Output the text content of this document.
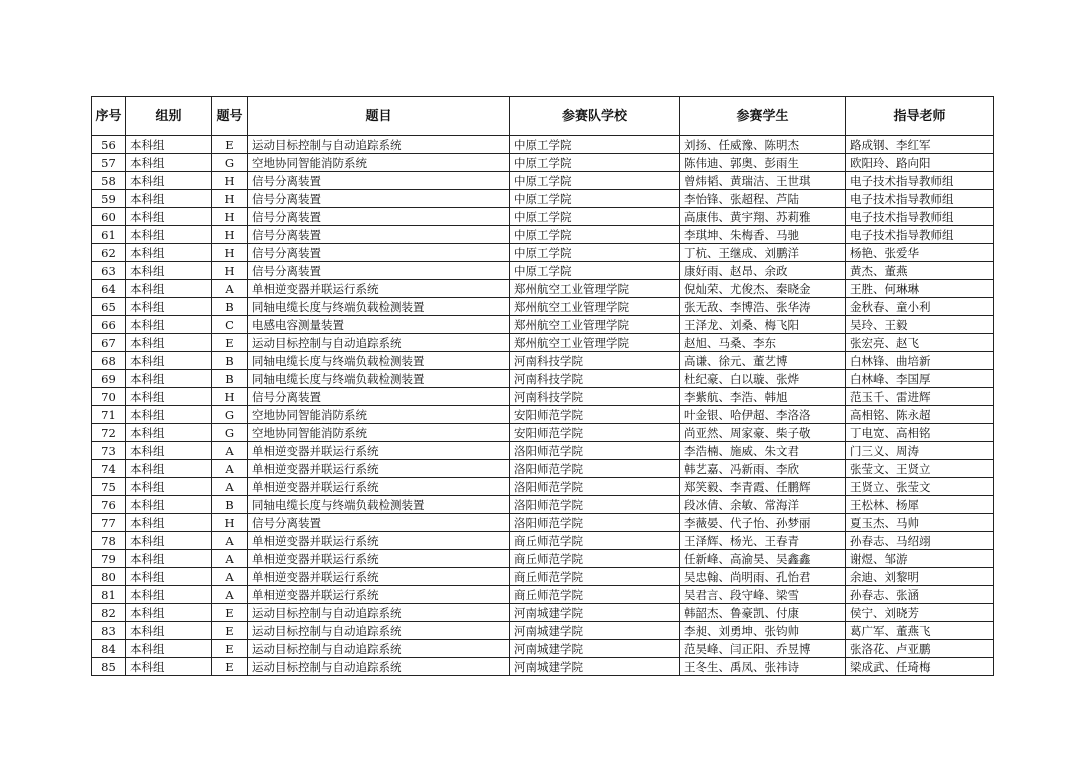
序号	组别	题号	题目	参赛队学校	参赛学生	指导老师
56	本科组	E	运动目标控制与自动追踪系统	中原工学院	刘扬、任威豫、陈明杰	路成钢、李红军
57	本科组	G	空地协同智能消防系统	中原工学院	陈伟迪、郭奥、彭雨生	欧阳玲、路向阳
58	本科组	H	信号分离装置	中原工学院	曾炜韬、黄瑞洁、王世琪	电子技术指导教师组
59	本科组	H	信号分离装置	中原工学院	李怡锋、张超程、芦陆	电子技术指导教师组
60	本科组	H	信号分离装置	中原工学院	高康伟、黄宇翔、苏莉雅	电子技术指导教师组
61	本科组	H	信号分离装置	中原工学院	李琪坤、朱梅香、马驰	电子技术指导教师组
62	本科组	H	信号分离装置	中原工学院	丁杭、王继成、刘鹏洋	杨艳、张爱华
63	本科组	H	信号分离装置	中原工学院	康好雨、赵昂、余政	黄杰、董燕
64	本科组	A	单相逆变器并联运行系统	郑州航空工业管理学院	倪灿荣、尤俊杰、秦晓金	王胜、何琳琳
65	本科组	B	同轴电缆长度与终端负载检测装置	郑州航空工业管理学院	张无敌、李博浩、张华涛	金秋春、童小利
66	本科组	C	电感电容测量装置	郑州航空工业管理学院	王泽龙、刘桑、梅飞阳	吴玲、王毅
67	本科组	E	运动目标控制与自动追踪系统	郑州航空工业管理学院	赵旭、马桑、李东	张宏亮、赵飞
68	本科组	B	同轴电缆长度与终端负载检测装置	河南科技学院	高谦、徐元、董艺博	白林锋、曲培新
69	本科组	B	同轴电缆长度与终端负载检测装置	河南科技学院	杜纪豪、白以璇、张烨	白林峰、李国厚
70	本科组	H	信号分离装置	河南科技学院	李紫航、李浩、韩旭	范玉千、雷进辉
71	本科组	G	空地协同智能消防系统	安阳师范学院	叶金银、哈伊超、李洛洛	高相铭、陈永超
72	本科组	G	空地协同智能消防系统	安阳师范学院	尚亚然、周家豪、柴子敬	丁电宽、高相铭
73	本科组	A	单相逆变器并联运行系统	洛阳师范学院	李浩楠、施威、朱文君	门三义、周涛
74	本科组	A	单相逆变器并联运行系统	洛阳师范学院	韩艺嘉、冯新雨、李欣	张莹文、王贤立
75	本科组	A	单相逆变器并联运行系统	洛阳师范学院	郑笑毅、李青霞、任鹏辉	王贤立、张莹文
76	本科组	B	同轴电缆长度与终端负载检测装置	洛阳师范学院	段冰倩、余敏、常海洋	王松林、杨犀
77	本科组	H	信号分离装置	洛阳师范学院	李薇晏、代子怡、孙梦丽	夏玉杰、马帅
78	本科组	A	单相逆变器并联运行系统	商丘师范学院	王泽辉、杨光、王春青	孙春志、马绍翊
79	本科组	A	单相逆变器并联运行系统	商丘师范学院	任新峰、高渝昊、吴鑫鑫	谢煜、邹游
80	本科组	A	单相逆变器并联运行系统	商丘师范学院	吴忠翰、尚明雨、孔怡君	余迪、刘黎明
81	本科组	A	单相逆变器并联运行系统	商丘师范学院	吴君言、段守峰、梁雪	孙春志、张涵
82	本科组	E	运动目标控制与自动追踪系统	河南城建学院	韩韶杰、鲁豪凯、付康	侯宁、刘晓芳
83	本科组	E	运动目标控制与自动追踪系统	河南城建学院	李昶、刘勇坤、张钧帅	葛广军、董燕飞
84	本科组	E	运动目标控制与自动追踪系统	河南城建学院	范昊峰、闫正阳、乔昱博	张洛花、卢亚鹏
85	本科组	E	运动目标控制与自动追踪系统	河南城建学院	王冬生、禹凤、张祎诗	梁成武、任琦梅
